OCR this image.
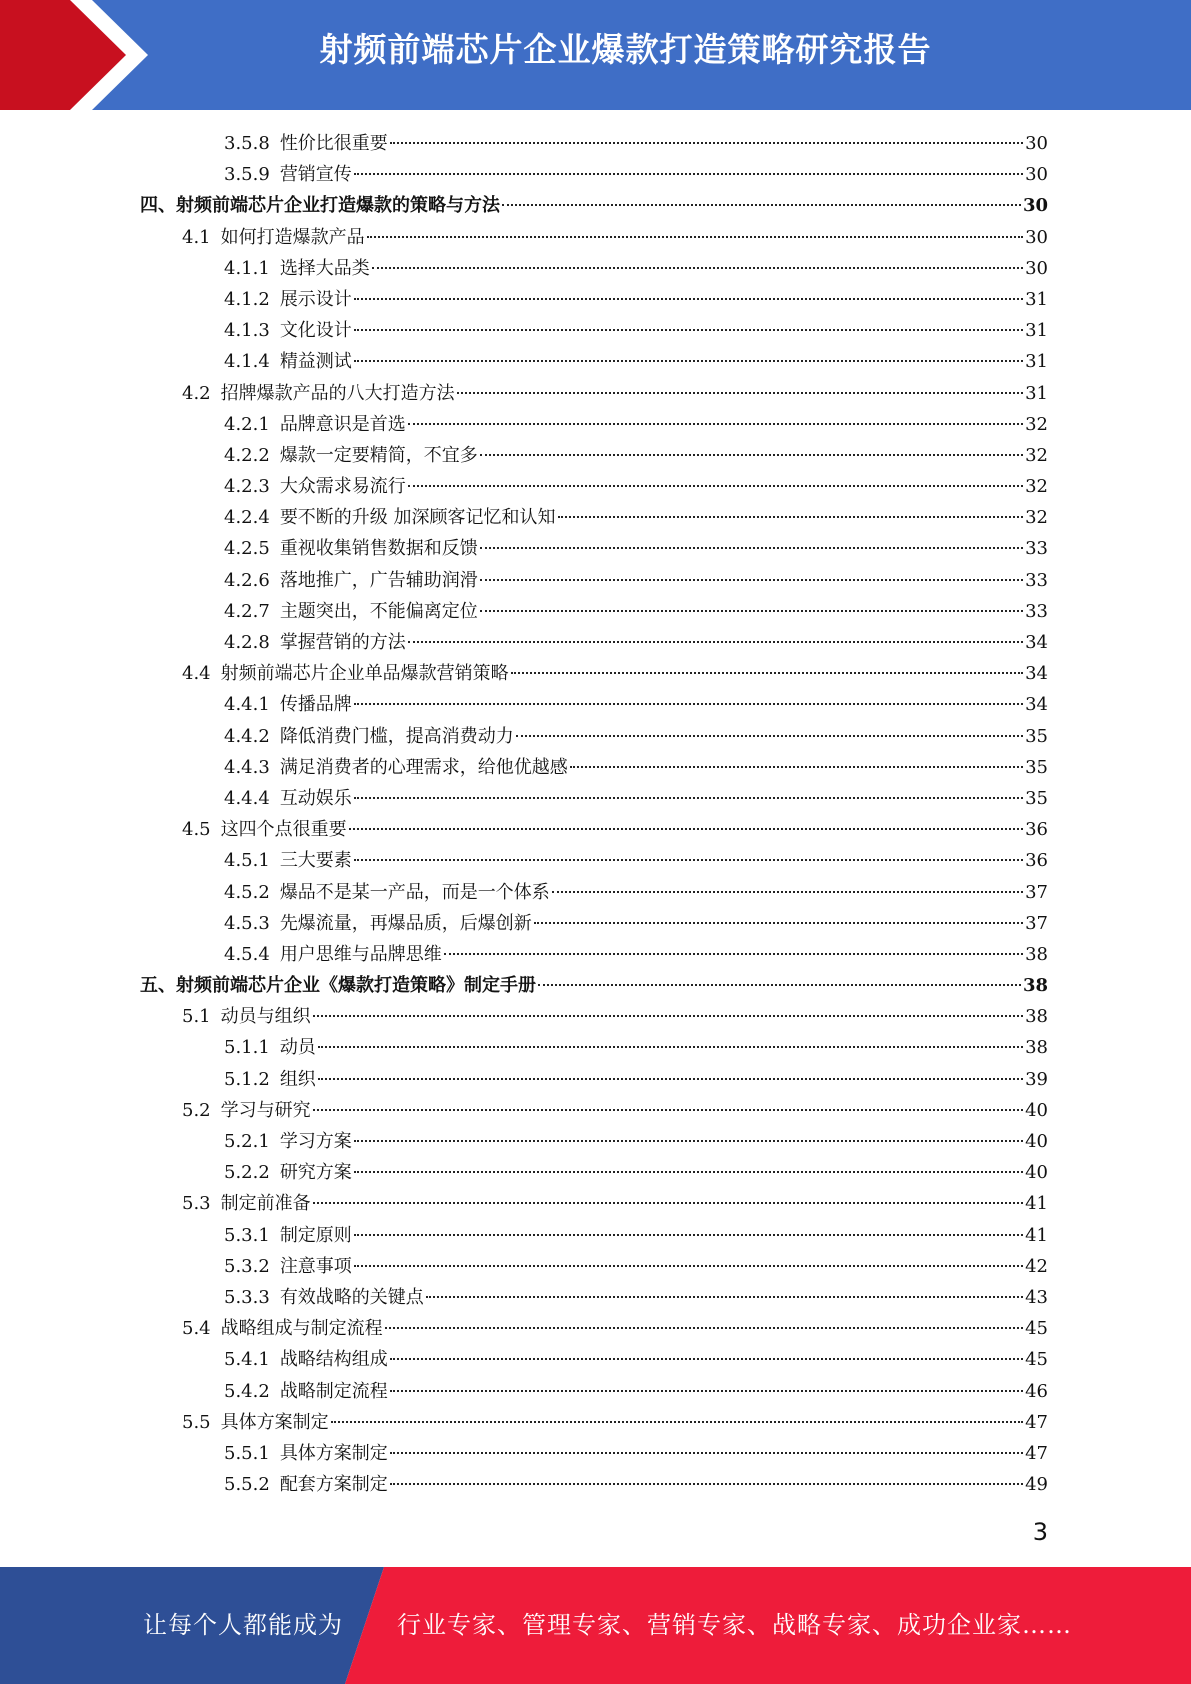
射频前端芯片企业爆款打造策略研究报告
3.5.8 性价比很重要	30
3.5.9 营销宣传	30
四、射频前端芯片企业打造爆款的策略与方法	30
4.1 如何打造爆款产品	30
4.1.1 选择大品类	30
4.1.2 展示设计	31
4.1.3 文化设计	31
4.1.4 精益测试	31
4.2 招牌爆款产品的八大打造方法	31
4.2.1 品牌意识是首选	32
4.2.2 爆款一定要精简，不宜多	32
4.2.3 大众需求易流行	32
4.2.4 要不断的升级 加深顾客记忆和认知	32
4.2.5 重视收集销售数据和反馈	33
4.2.6 落地推广，广告辅助润滑	33
4.2.7 主题突出，不能偏离定位	33
4.2.8 掌握营销的方法	34
4.4 射频前端芯片企业单品爆款营销策略	34
4.4.1 传播品牌	34
4.4.2 降低消费门槛，提高消费动力	35
4.4.3 满足消费者的心理需求，给他优越感	35
4.4.4 互动娱乐	35
4.5 这四个点很重要	36
4.5.1 三大要素	36
4.5.2 爆品不是某一产品，而是一个体系	37
4.5.3 先爆流量，再爆品质，后爆创新	37
4.5.4 用户思维与品牌思维	38
五、射频前端芯片企业《爆款打造策略》制定手册	38
5.1 动员与组织	38
5.1.1 动员	38
5.1.2 组织	39
5.2 学习与研究	40
5.2.1 学习方案	40
5.2.2 研究方案	40
5.3 制定前准备	41
5.3.1 制定原则	41
5.3.2 注意事项	42
5.3.3 有效战略的关键点	43
5.4 战略组成与制定流程	45
5.4.1 战略结构组成	45
5.4.2 战略制定流程	46
5.5 具体方案制定	47
5.5.1 具体方案制定	47
5.5.2 配套方案制定	49
3
让每个人都能成为 行业专家、管理专家、营销专家、战略专家、成功企业家……
